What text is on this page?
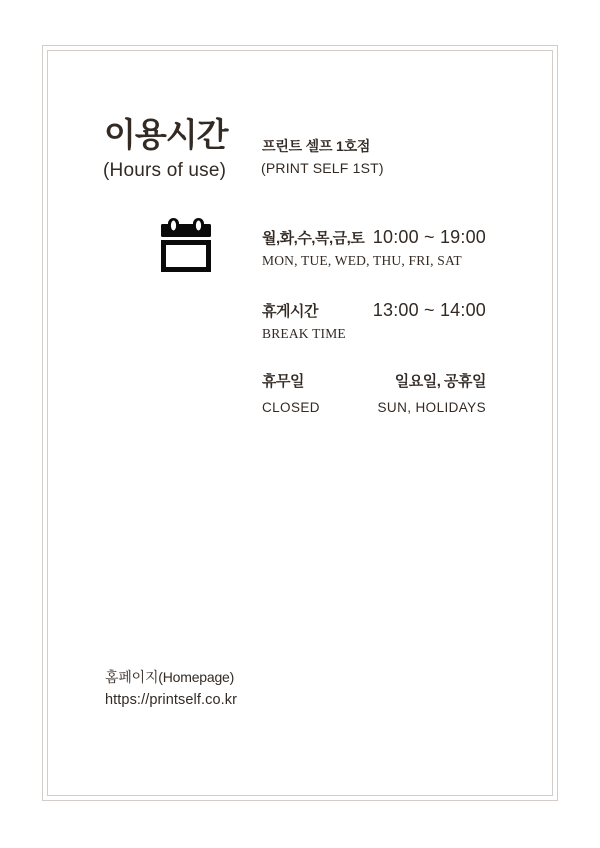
이용시간
(Hours of use)
프린트 셀프 1호점
(PRINT SELF 1ST)
월,화,수,목,금,토 10:00 ~ 19:00
MON, TUE, WED, THU, FRI, SAT
휴게시간	13:00 ~ 14:00
BREAK TIME
휴무일	일요일, 공휴일
CLOSED	SUN, HOLIDAYS
홈페이지(Homepage)
https://printself.co.kr
